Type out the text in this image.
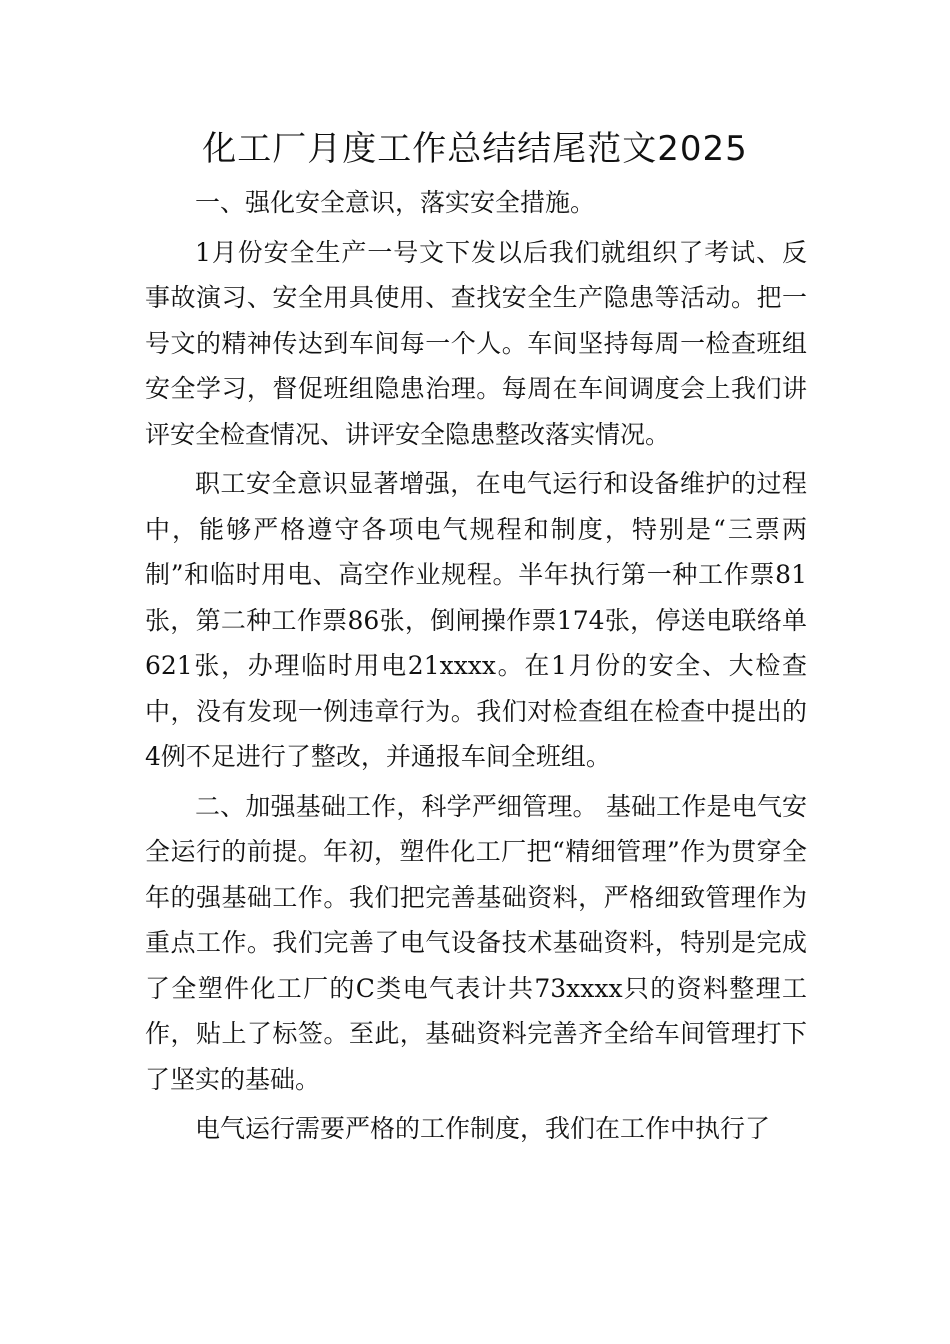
化工厂月度工作总结结尾范文2025

一、强化安全意识，落实安全措施。

1月份安全生产一号文下发以后我们就组织了考试、反事故演习、安全用具使用、查找安全生产隐患等活动。把一号文的精神传达到车间每一个人。车间坚持每周一检查班组安全学习，督促班组隐患治理。每周在车间调度会上我们讲评安全检查情况、讲评安全隐患整改落实情况。

职工安全意识显著增强，在电气运行和设备维护的过程中，能够严格遵守各项电气规程和制度，特别是“三票两制”和临时用电、高空作业规程。半年执行第一种工作票81张，第二种工作票86张，倒闸操作票174张，停送电联络单621张，办理临时用电21xxxx。在1月份的安全、大检查中，没有发现一例违章行为。我们对检查组在检查中提出的4例不足进行了整改，并通报车间全班组。

二、加强基础工作，科学严细管理。 基础工作是电气安全运行的前提。年初，塑件化工厂把“精细管理”作为贯穿全年的强基础工作。我们把完善基础资料，严格细致管理作为重点工作。我们完善了电气设备技术基础资料，特别是完成了全塑件化工厂的C类电气表计共73xxxx只的资料整理工作，贴上了标签。至此，基础资料完善齐全给车间管理打下了坚实的基础。

电气运行需要严格的工作制度，我们在工作中执行了
